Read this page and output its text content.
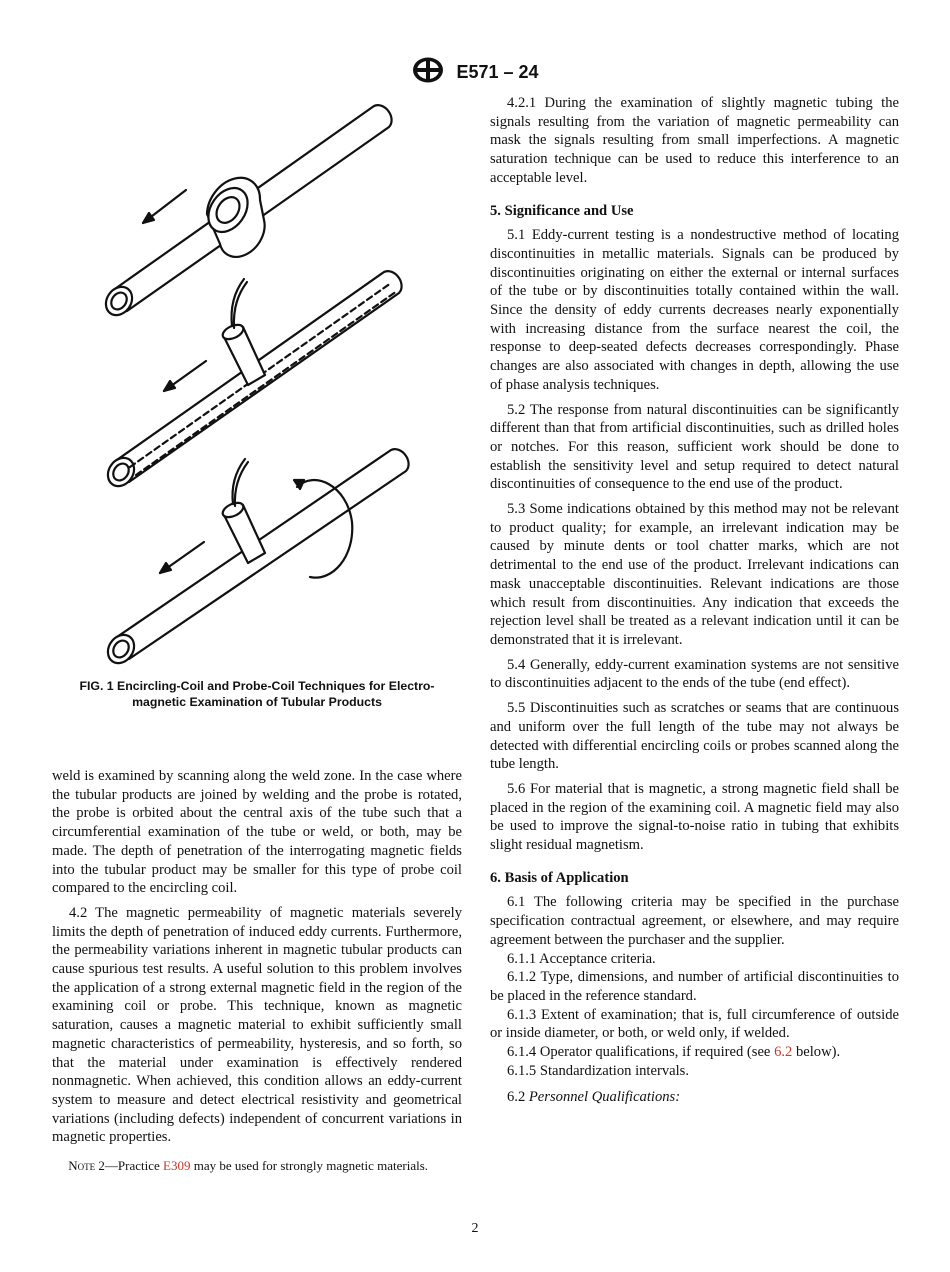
E571 – 24
FIG. 1 Encircling-Coil and Probe-Coil Techniques for Electro-
magnetic Examination of Tubular Products

weld is examined by scanning along the weld zone. In the case where the tubular products are joined by welding and the probe is rotated, the probe is orbited about the central axis of the tube such that a circumferential examination of the tube or weld, or both, may be made. The depth of penetration of the interrogating magnetic fields into the tubular product may be smaller for this type of probe coil compared to the encircling coil.

4.2 The magnetic permeability of magnetic materials severely limits the depth of penetration of induced eddy currents. Furthermore, the permeability variations inherent in magnetic tubular products can cause spurious test results. A useful solution to this problem involves the application of a strong external magnetic field in the region of the examining coil or probe. This technique, known as magnetic saturation, causes a magnetic material to exhibit sufficiently small magnetic characteristics of permeability, hysteresis, and so forth, so that the material under examination is effectively rendered nonmagnetic. When achieved, this condition allows an eddy-current system to measure and detect electrical resistivity and geometrical variations (including defects) independent of concurrent variations in magnetic properties.

Note 2—Practice E309 may be used for strongly magnetic materials.

4.2.1 During the examination of slightly magnetic tubing the signals resulting from the variation of magnetic permeability can mask the signals resulting from small imperfections. A magnetic saturation technique can be used to reduce this interference to an acceptable level.

5. Significance and Use

5.1 Eddy-current testing is a nondestructive method of locating discontinuities in metallic materials. Signals can be produced by discontinuities originating on either the external or internal surfaces of the tube or by discontinuities totally contained within the wall. Since the density of eddy currents decreases nearly exponentially with increasing distance from the surface nearest the coil, the response to deep-seated defects decreases correspondingly. Phase changes are also associated with changes in depth, allowing the use of phase analysis techniques.

5.2 The response from natural discontinuities can be significantly different than that from artificial discontinuities, such as drilled holes or notches. For this reason, sufficient work should be done to establish the sensitivity level and setup required to detect natural discontinuities of consequence to the end use of the product.

5.3 Some indications obtained by this method may not be relevant to product quality; for example, an irrelevant indication may be caused by minute dents or tool chatter marks, which are not detrimental to the end use of the product. Irrelevant indications can mask unacceptable discontinuities. Relevant indications are those which result from discontinuities. Any indication that exceeds the rejection level shall be treated as a relevant indication until it can be demonstrated that it is irrelevant.

5.4 Generally, eddy-current examination systems are not sensitive to discontinuities adjacent to the ends of the tube (end effect).

5.5 Discontinuities such as scratches or seams that are continuous and uniform over the full length of the tube may not always be detected with differential encircling coils or probes scanned along the tube length.

5.6 For material that is magnetic, a strong magnetic field shall be placed in the region of the examining coil. A magnetic field may also be used to improve the signal-to-noise ratio in tubing that exhibits slight residual magnetism.

6. Basis of Application

6.1 The following criteria may be specified in the purchase specification contractual agreement, or elsewhere, and may require agreement between the purchaser and the supplier.

6.1.1 Acceptance criteria.

6.1.2 Type, dimensions, and number of artificial discontinuities to be placed in the reference standard.

6.1.3 Extent of examination; that is, full circumference of outside or inside diameter, or both, or weld only, if welded.

6.1.4 Operator qualifications, if required (see 6.2 below).

6.1.5 Standardization intervals.

6.2 Personnel Qualifications:

2
